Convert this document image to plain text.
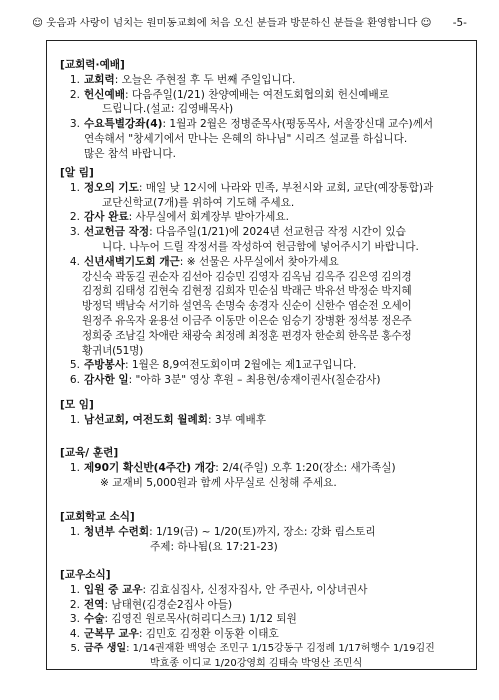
☺ 웃음과 사랑이 넘치는 원미동교회에 처음 오신 분들과 방문하신 분들을 환영합니다 ☺ -5-
[교회력·예배]
1. 교회력: 오늘은 주현절 후 두 번째 주일입니다.
2. 헌신예배: 다음주일(1/21) 찬양예배는 여전도회협의회 헌신예배로
드립니다.(설교: 김영배목사)
3. 수요특별강좌(4): 1월과 2월은 정병준목사(평동목사, 서울장신대 교수)께서
연속해서 "창세기에서 만나는 은혜의 하나님" 시리즈 설교를 하십니다.
많은 참석 바랍니다.
[알 림]
1. 정오의 기도: 매일 낮 12시에 나라와 민족, 부천시와 교회, 교단(예장통합)과
교단신학교(7개)를 위하여 기도해 주세요.
2. 감사 완료: 사무실에서 회계장부 받아가세요.
3. 선교헌금 작정: 다음주일(1/21)에 2024년 선교헌금 작정 시간이 있습
니다. 나누어 드릴 작정서를 작성하여 헌금함에 넣어주시기 바랍니다.
4. 신년새벽기도회 개근: ※ 선물은 사무실에서 찾아가세요
강신숙 곽동길 권순자 김선아 김승민 김영자 김옥님 김옥주 김은영 김의경
김정희 김태성 김현숙 김현정 김희자 민순심 박래근 박유선 박정순 박지혜
방정덕 백남숙 서기하 설연옥 손명숙 송경자 신순이 신한수 염순전 오세이
원정주 유옥자 윤용선 이금주 이동만 이은순 임승기 장병환 정석봉 정은주
정희중 조남길 차애란 채광숙 최정례 최정훈 편경자 한순희 한옥분 홍수정
황귀녀(51명)
5. 주방봉사: 1월은 8,9여전도회이며 2월에는 제1교구입니다.
6. 감사한 일: "아하 3분" 영상 후원 – 최용현/송재이권사(칠순감사)
[모 임]
1. 남선교회, 여전도회 월례회: 3부 예배후
[교육/ 훈련]
1. 제90기 확신반(4주간) 개강: 2/4(주일) 오후 1:20(장소: 새가족실)
※ 교재비 5,000원과 함께 사무실로 신청해 주세요.
[교회학교 소식]
1. 청년부 수련회: 1/19(금) ~ 1/20(토)까지, 장소: 강화 림스토리
주제: 하나됨(요 17:21-23)
[교우소식]
1. 입원 중 교우: 김효심집사, 신정자집사, 안 주권사, 이상녀권사
2. 전역: 남태현(김경순2집사 아들)
3. 수술: 김영진 원로목사(허리디스크) 1/12 퇴원
4. 군복무 교우: 김민호 김정환 이동환 이태호
5. 금주 생일: 1/14권재환 백영순 조민구 1/15강동구 김정례 1/17허행수 1/19김진
박효종 이디교 1/20강영희 김태숙 박영산 조민식
